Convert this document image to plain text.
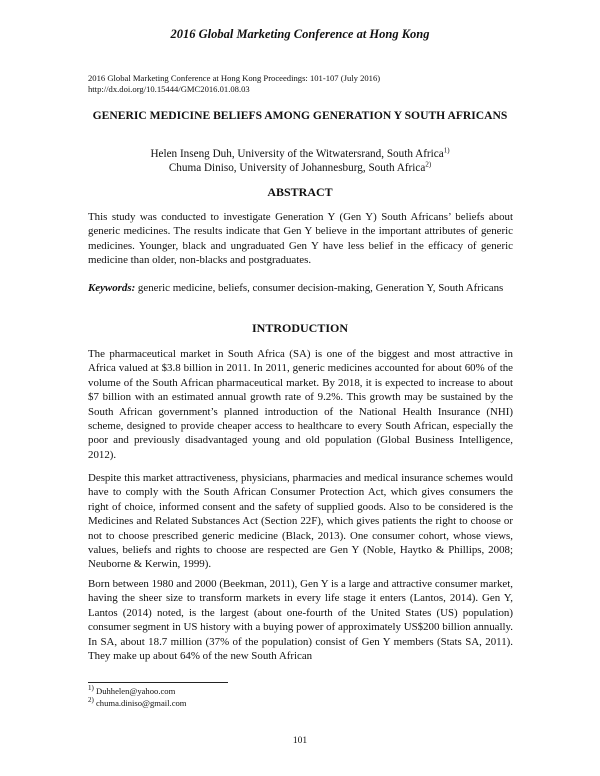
2016 Global Marketing Conference at Hong Kong
2016 Global Marketing Conference at Hong Kong Proceedings: 101-107 (July 2016)
http://dx.doi.org/10.15444/GMC2016.01.08.03
GENERIC MEDICINE BELIEFS AMONG GENERATION Y SOUTH AFRICANS
Helen Inseng Duh, University of the Witwatersrand, South Africa$^{1)}$
Chuma Diniso, University of Johannesburg, South Africa$^{2)}$
ABSTRACT

This study was conducted to investigate Generation Y (Gen Y) South Africans’ beliefs about generic medicines. The results indicate that Gen Y believe in the important attributes of generic medicines. Younger, black and ungraduated Gen Y have less belief in the efficacy of generic medicine than older, non-blacks and postgraduates.

Keywords: generic medicine, beliefs, consumer decision-making, Generation Y, South Africans

INTRODUCTION

The pharmaceutical market in South Africa (SA) is one of the biggest and most attractive in Africa valued at $3.8 billion in 2011. In 2011, generic medicines accounted for about 60% of the volume of the South African pharmaceutical market. By 2018, it is expected to increase to about $7 billion with an estimated annual growth rate of 9.2%. This growth may be sustained by the South African government’s planned introduction of the National Health Insurance (NHI) scheme, designed to provide cheaper access to healthcare to every South African, especially the poor and previously disadvantaged young and old population (Global Business Intelligence, 2012).

Despite this market attractiveness, physicians, pharmacies and medical insurance schemes would have to comply with the South African Consumer Protection Act, which gives consumers the right of choice, informed consent and the safety of supplied goods. Also to be considered is the Medicines and Related Substances Act (Section 22F), which gives patients the right to choose or not to choose prescribed generic medicine (Black, 2013). One consumer cohort, whose views, values, beliefs and rights to choose are respected are Gen Y (Noble, Haytko & Phillips, 2008; Neuborne & Kerwin, 1999).

Born between 1980 and 2000 (Beekman, 2011), Gen Y is a large and attractive consumer market, having the sheer size to transform markets in every life stage it enters (Lantos, 2014). Gen Y, Lantos (2014) noted, is the largest (about one-fourth of the United States (US) population) consumer segment in US history with a buying power of approximately US$200 billion annually. In SA, about 18.7 million (37% of the population) consist of Gen Y members (Stats SA, 2011). They make up about 64% of the new South African

$^{1)}$ Duhhelen@yahoo.com
$^{2)}$ chuma.diniso@gmail.com
101
